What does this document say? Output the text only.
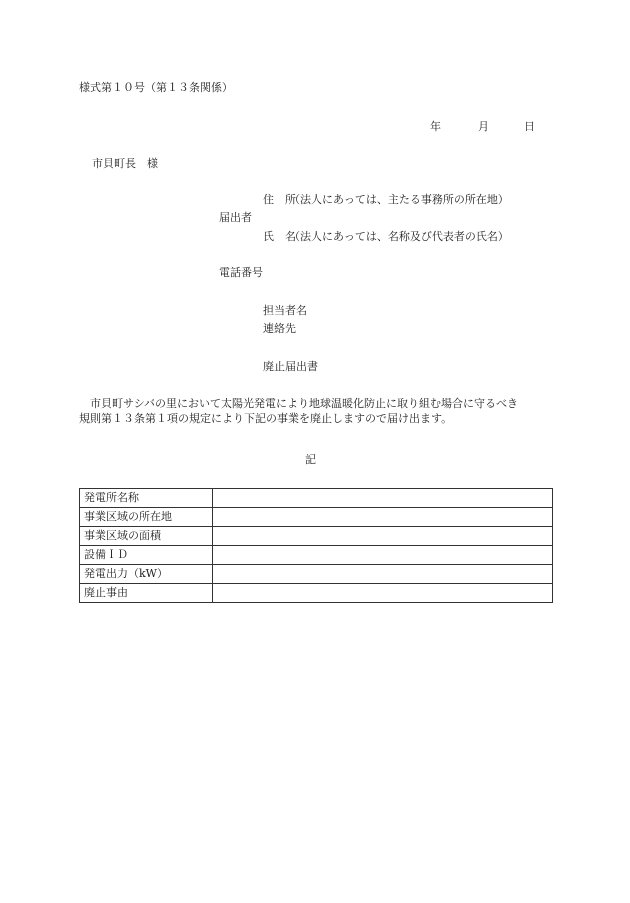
様式第１０号（第１３条関係）
年	月	日
市貝町長　様
住　所
（法人にあっては、主たる事務所の所在地）
届出者
氏　名
（法人にあっては、名称及び代表者の氏名）
電話番号
担当者名
連絡先
廃止届出書

市貝町サシバの里において太陽光発電により地球温暖化防止に取り組む場合に守るべき

規則第１３条第１項の規定により下記の事業を廃止しますので届け出ます。

記
発電所名称	
事業区域の所在地	
事業区域の面積	
設備ＩＤ	
発電出力（kW）	
廃止事由	
